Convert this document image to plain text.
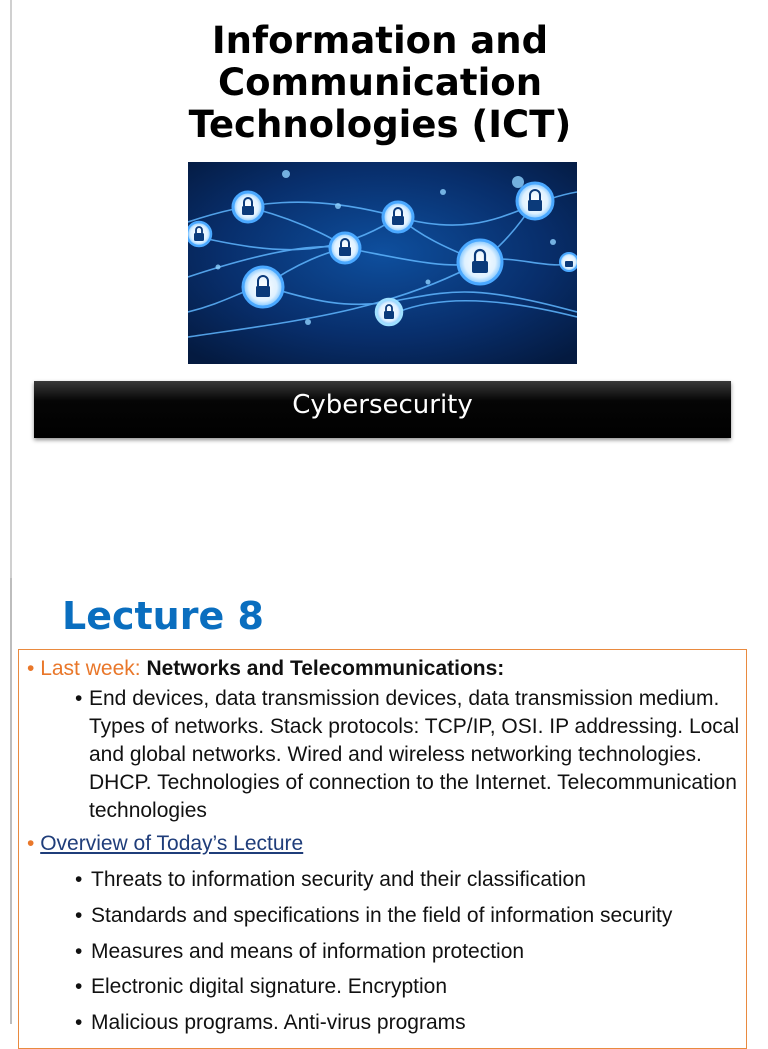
Information and
Communication
Technologies (ICT)
Cybersecurity
Lecture 8
• Last week: Networks and Telecommunications:
• End devices, data transmission devices, data transmission medium. Types of networks. Stack protocols: TCP/IP, OSI. IP addressing. Local and global networks. Wired and wireless networking technologies. DHCP. Technologies of connection to the Internet. Telecommunication technologies
• Overview of Today’s Lecture
• Threats to information security and their classification
• Standards and specifications in the field of information security
• Measures and means of information protection
• Electronic digital signature. Encryption
• Malicious programs. Anti-virus programs
